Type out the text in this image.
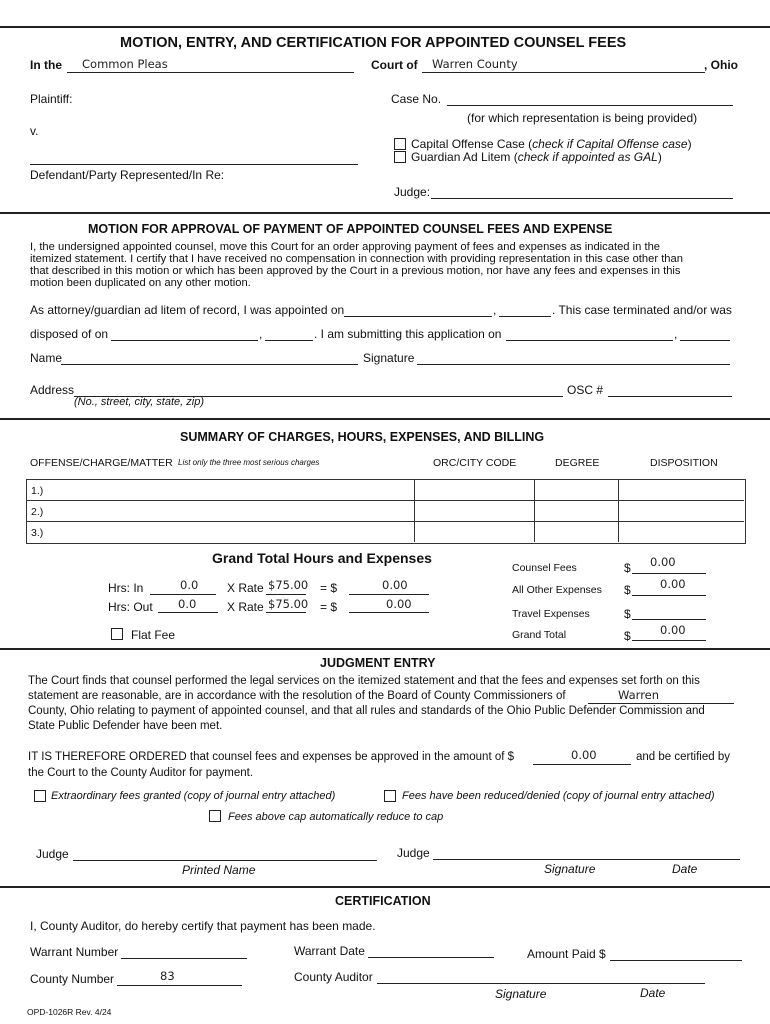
MOTION, ENTRY, AND CERTIFICATION FOR APPOINTED COUNSEL FEES
In the Common Pleas	Court of Warren County	, Ohio
Plaintiff:	Case No.
(for which representation is being provided)
v.
Capital Offense Case (check if Capital Offense case)
Guardian Ad Litem (check if appointed as GAL)
Defendant/Party Represented/In Re:
Judge:
MOTION FOR APPROVAL OF PAYMENT OF APPOINTED COUNSEL FEES AND EXPENSE
I, the undersigned appointed counsel, move this Court for an order approving payment of fees and expenses as indicated in the
itemized statement. I certify that I have received no compensation in connection with providing representation in this case other than
that described in this motion or which has been approved by the Court in a previous motion, nor have any fees and expenses in this
motion been duplicated on any other motion.
As attorney/guardian ad litem of record, I was appointed on	,	. This case terminated and/or was
disposed of on	,	. I am submitting this application on	,
Name	Signature
Address
(No., street, city, state, zip)
OSC #
SUMMARY OF CHARGES, HOURS, EXPENSES, AND BILLING
OFFENSE/CHARGE/MATTER List only the three most serious charges	ORC/CITY CODE	DEGREE	DISPOSITION
1.)
2.)
3.)
Grand Total Hours and Expenses
Hrs: In	0.0 X Rate $75.00 = $	0.00
Hrs: Out 0.0	X Rate $75.00 = $	0.00
Flat Fee
Counsel Fees	$ 0.00
All Other Expenses $	0.00
Travel Expenses	$
Grand Total	$	0.00
JUDGMENT ENTRY
The Court finds that counsel performed the legal services on the itemized statement and that the fees and expenses set forth on this
statement are reasonable, are in accordance with the resolution of the Board of County Commissioners of	Warren
County, Ohio relating to payment of appointed counsel, and that all rules and standards of the Ohio Public Defender Commission and
State Public Defender have been met.
IT IS THEREFORE ORDERED that counsel fees and expenses be approved in the amount of $	0.00	and be certified by
the Court to the County Auditor for payment.
Extraordinary fees granted (copy of journal entry attached)	Fees have been reduced/denied (copy of journal entry attached)
Fees above cap automatically reduce to cap
Judge
Printed Name
Judge
Signature	Date
CERTIFICATION
I, County Auditor, do hereby certify that payment has been made.
Warrant Number	Warrant Date	Amount Paid $
County Number	83	County Auditor
Signature	Date
OPD-1026R Rev. 4/24
